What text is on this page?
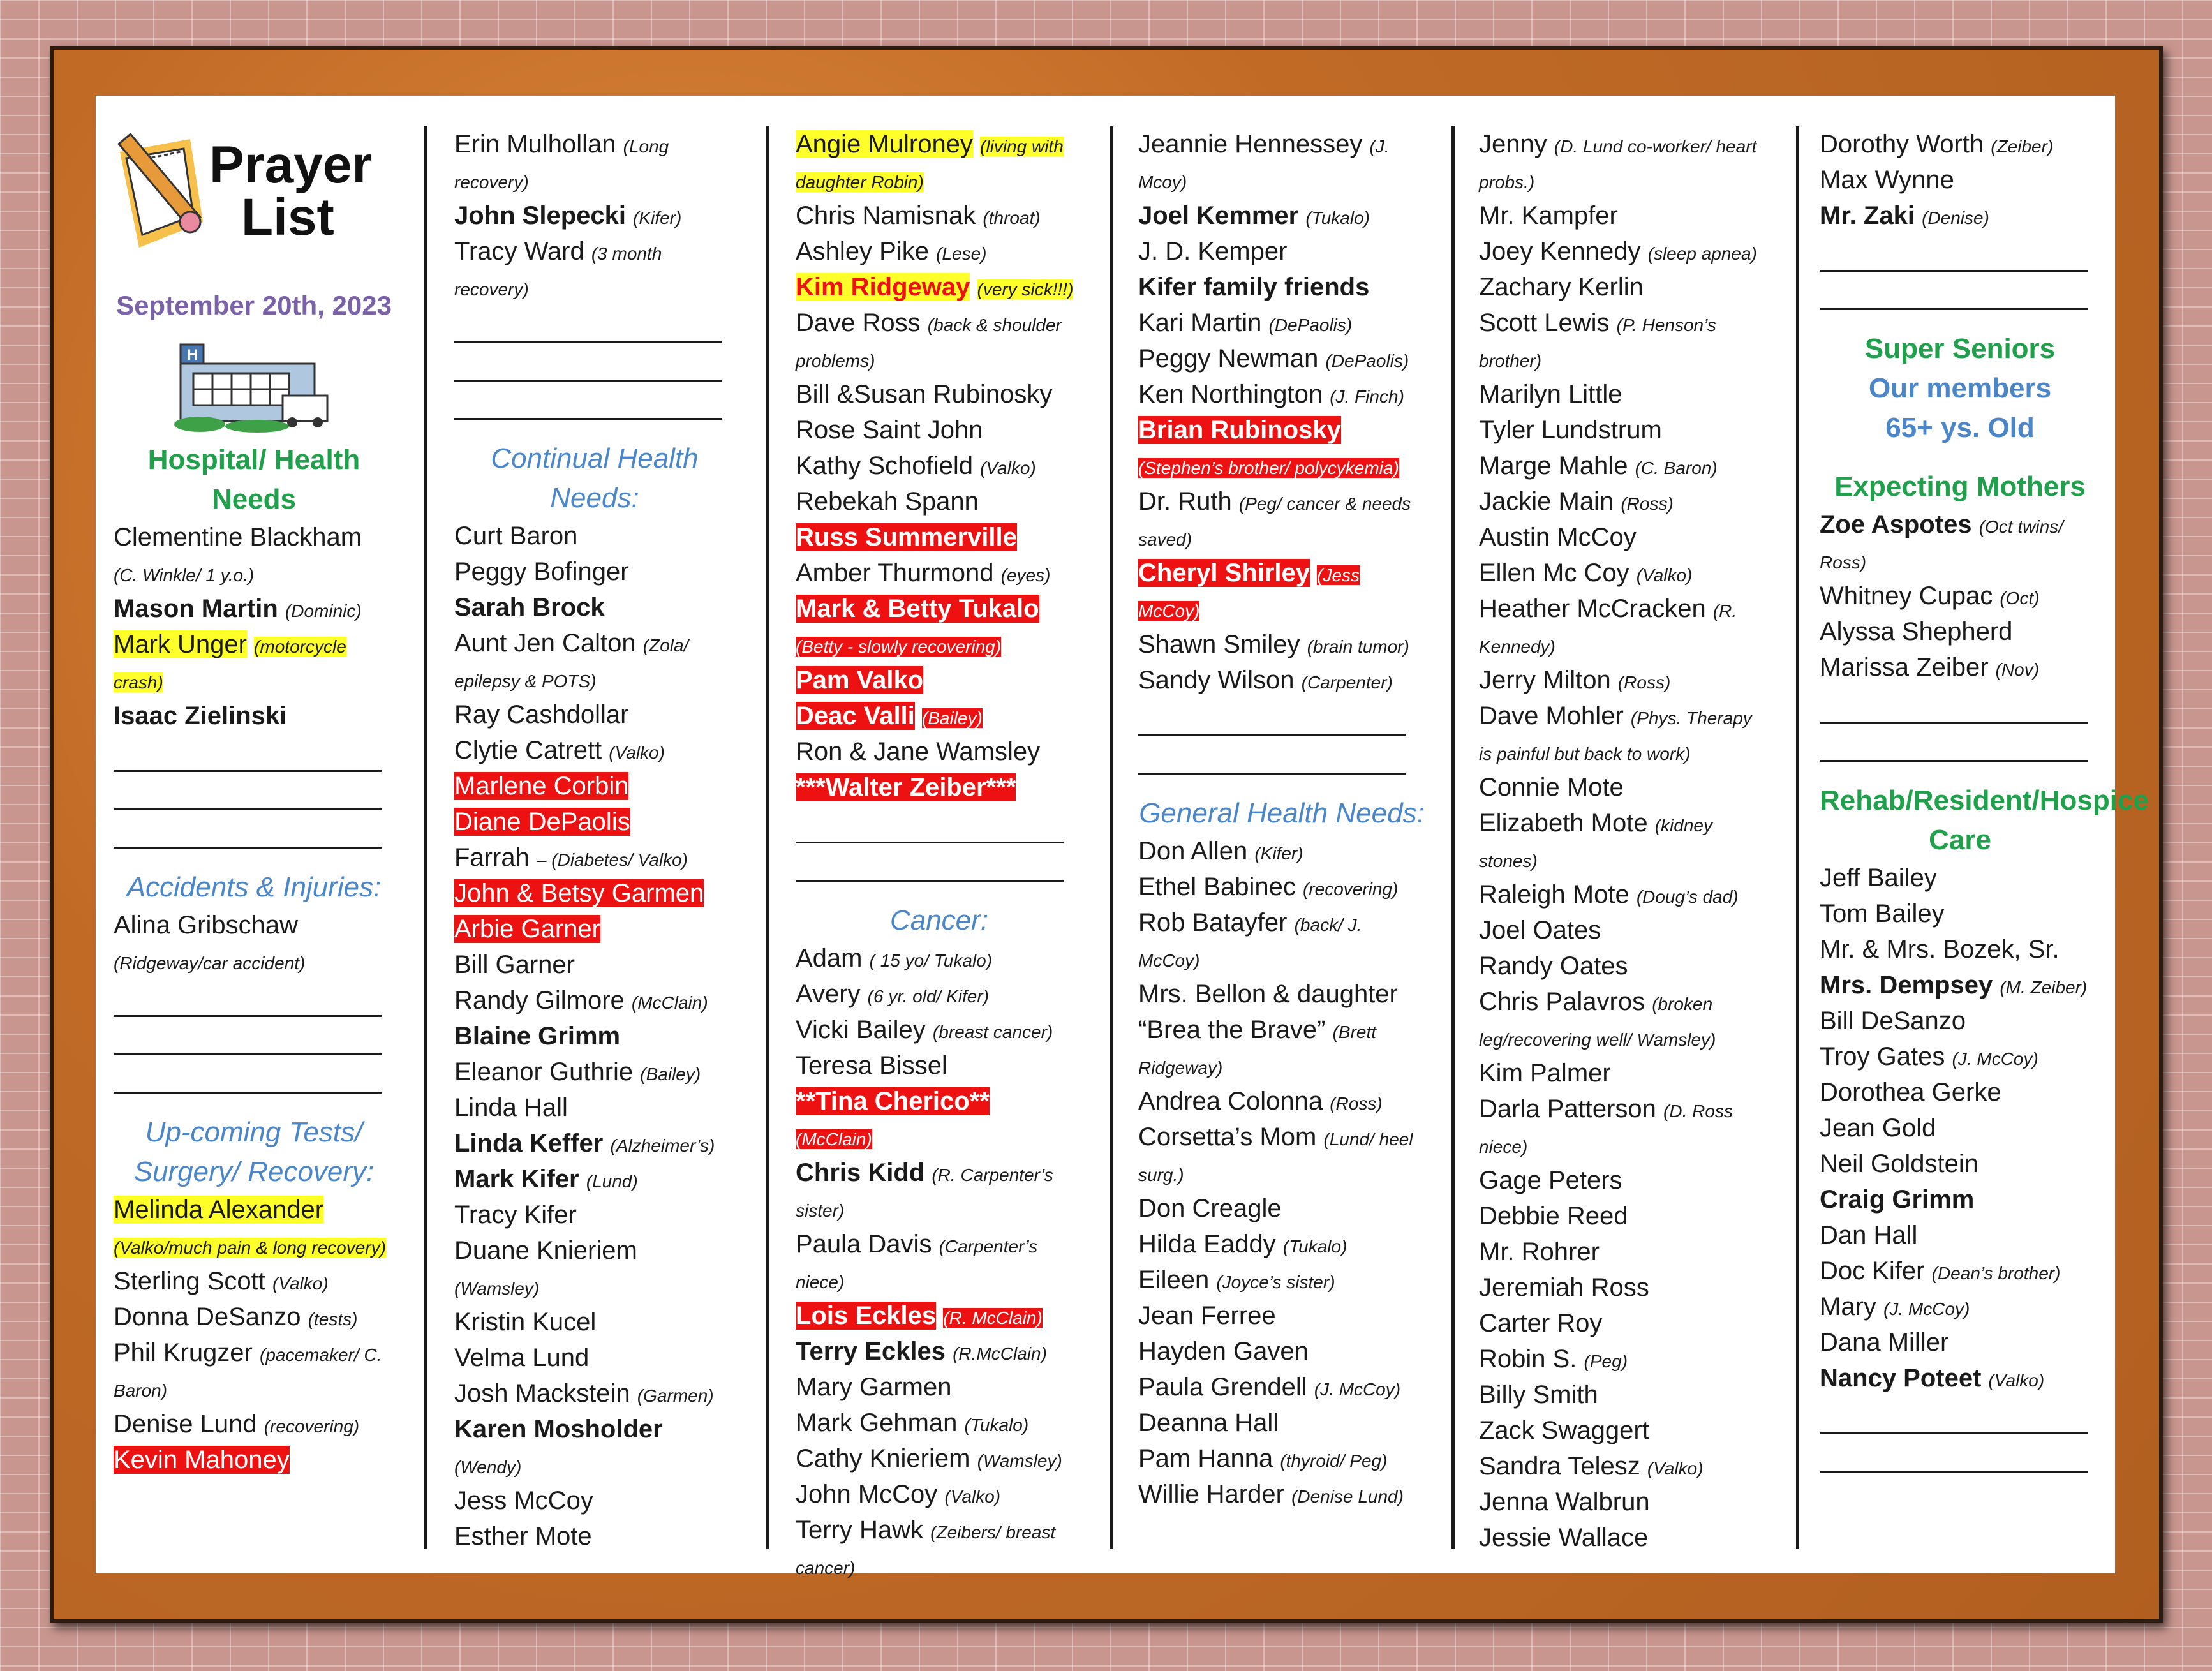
Prayer
List
September 20th, 2023
H
Hospital/ Health Needs
Clementine Blackham
(C. Winkle/ 1 y.o.)
Mason Martin (Dominic)
Mark Unger (motorcycle crash)
Isaac Zielinski
Accidents & Injuries:
Alina Gribschaw
(Ridgeway/car accident)
Up-coming Tests/ Surgery/ Recovery:
Melinda Alexander
(Valko/much pain & long recovery)
Sterling Scott (Valko)
Donna DeSanzo (tests)
Phil Krugzer (pacemaker/ C. Baron)
Denise Lund (recovering)
Kevin Mahoney
Erin Mulhollan (Long recovery)
John Slepecki (Kifer)
Tracy Ward (3 month recovery)
Continual Health Needs:
Curt Baron
Peggy Bofinger
Sarah Brock
Aunt Jen Calton (Zola/ epilepsy & POTS)
Ray Cashdollar
Clytie Catrett (Valko)
Marlene Corbin
Diane DePaolis
Farrah – (Diabetes/ Valko)
John & Betsy Garmen
Arbie Garner
Bill Garner
Randy Gilmore (McClain)
Blaine Grimm
Eleanor Guthrie (Bailey)
Linda Hall
Linda Keffer (Alzheimer’s)
Mark Kifer (Lund)
Tracy Kifer
Duane Knieriem
(Wamsley)
Kristin Kucel
Velma Lund
Josh Mackstein (Garmen)
Karen Mosholder
(Wendy)
Jess McCoy
Esther Mote
Angie Mulroney (living with daughter Robin)
Chris Namisnak (throat)
Ashley Pike (Lese)
Kim Ridgeway (very sick!!!)
Dave Ross (back & shoulder problems)
Bill &Susan Rubinosky
Rose Saint John
Kathy Schofield (Valko)
Rebekah Spann
Russ Summerville
Amber Thurmond (eyes)
Mark & Betty Tukalo
(Betty - slowly recovering)
Pam Valko
Deac Valli (Bailey)
Ron & Jane Wamsley
***Walter Zeiber***
Cancer:
Adam ( 15 yo/ Tukalo)
Avery (6 yr. old/ Kifer)
Vicki Bailey (breast cancer)
Teresa Bissel
**Tina Cherico**
(McClain)
Chris Kidd (R. Carpenter’s sister)
Paula Davis (Carpenter’s niece)
Lois Eckles (R. McClain)
Terry Eckles (R.McClain)
Mary Garmen
Mark Gehman (Tukalo)
Cathy Knieriem (Wamsley)
John McCoy (Valko)
Terry Hawk (Zeibers/ breast cancer)
Jeannie Hennessey (J. Mcoy)
Joel Kemmer (Tukalo)
J. D. Kemper
Kifer family friends
Kari Martin (DePaolis)
Peggy Newman (DePaolis)
Ken Northington (J. Finch)
Brian Rubinosky
(Stephen’s brother/ polycykemia)
Dr. Ruth (Peg/ cancer & needs saved)
Cheryl Shirley (Jess McCoy)
Shawn Smiley (brain tumor)
Sandy Wilson (Carpenter)
General Health Needs:
Don Allen (Kifer)
Ethel Babinec (recovering)
Rob Batayfer (back/ J. McCoy)
Mrs. Bellon & daughter
“Brea the Brave” (Brett Ridgeway)
Andrea Colonna (Ross)
Corsetta’s Mom (Lund/ heel surg.)
Don Creagle
Hilda Eaddy (Tukalo)
Eileen (Joyce’s sister)
Jean Ferree
Hayden Gaven
Paula Grendell (J. McCoy)
Deanna Hall
Pam Hanna (thyroid/ Peg)
Willie Harder (Denise Lund)
Jenny (D. Lund co-worker/ heart probs.)
Mr. Kampfer
Joey Kennedy (sleep apnea)
Zachary Kerlin
Scott Lewis (P. Henson’s brother)
Marilyn Little
Tyler Lundstrum
Marge Mahle (C. Baron)
Jackie Main (Ross)
Austin McCoy
Ellen Mc Coy (Valko)
Heather McCracken (R. Kennedy)
Jerry Milton (Ross)
Dave Mohler (Phys. Therapy is painful but back to work)
Connie Mote
Elizabeth Mote (kidney stones)
Raleigh Mote (Doug’s dad)
Joel Oates
Randy Oates
Chris Palavros (broken leg/recovering well/ Wamsley)
Kim Palmer
Darla Patterson (D. Ross niece)
Gage Peters
Debbie Reed
Mr. Rohrer
Jeremiah Ross
Carter Roy
Robin S. (Peg)
Billy Smith
Zack Swaggert
Sandra Telesz (Valko)
Jenna Walbrun
Jessie Wallace
Dorothy Worth (Zeiber)
Max Wynne
Mr. Zaki (Denise)
Super Seniors
Our members
65+ ys. Old
Expecting Mothers
Zoe Aspotes (Oct twins/ Ross)
Whitney Cupac (Oct)
Alyssa Shepherd
Marissa Zeiber (Nov)
Rehab/Resident/Hospice Care
Jeff Bailey
Tom Bailey
Mr. & Mrs. Bozek, Sr.
Mrs. Dempsey (M. Zeiber)
Bill DeSanzo
Troy Gates (J. McCoy)
Dorothea Gerke
Jean Gold
Neil Goldstein
Craig Grimm
Dan Hall
Doc Kifer (Dean’s brother)
Mary (J. McCoy)
Dana Miller
Nancy Poteet (Valko)
